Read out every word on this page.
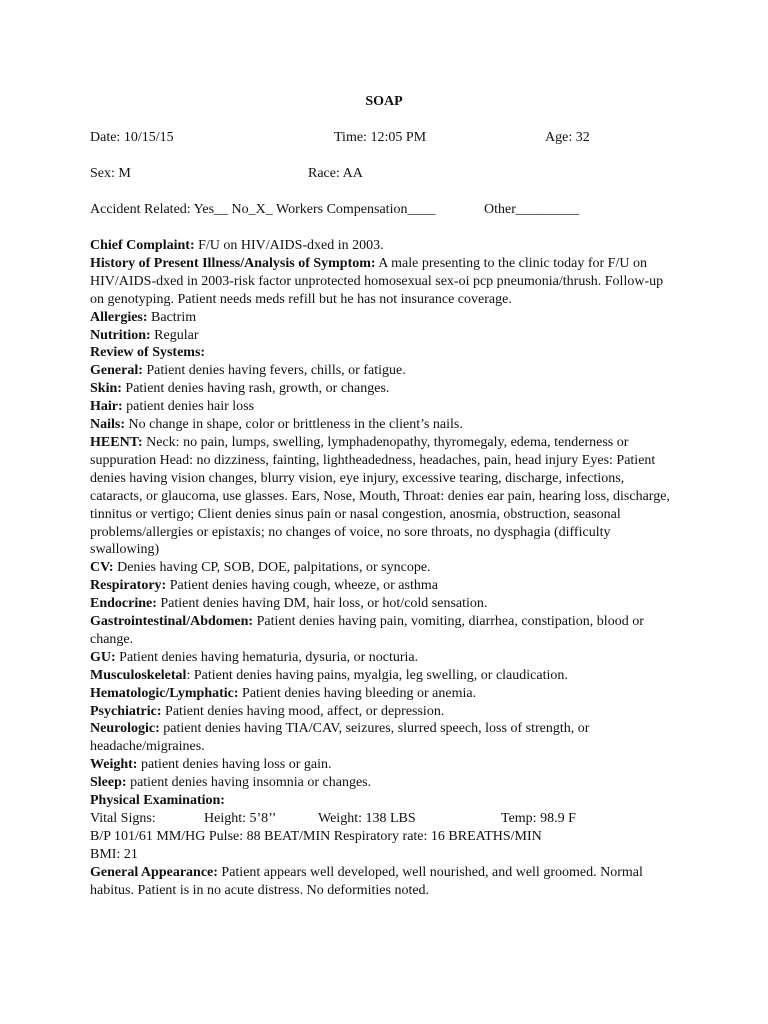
SOAP
Date: 10/15/15	Time: 12:05 PM	Age: 32
Sex: M	Race: AA
Accident Related: Yes__ No_X_ Workers Compensation____	Other_________

Chief Complaint: F/U on HIV/AIDS-dxed in 2003.

History of Present Illness/Analysis of Symptom: A male presenting to the clinic today for F/U on HIV/AIDS-dxed in 2003-risk factor unprotected homosexual sex-oi pcp pneumonia/thrush. Follow-up on genotyping. Patient needs meds refill but he has not insurance coverage.

Allergies: Bactrim

Nutrition: Regular

Review of Systems:

General: Patient denies having fevers, chills, or fatigue.

Skin: Patient denies having rash, growth, or changes.

Hair: patient denies hair loss

Nails: No change in shape, color or brittleness in the client’s nails.

HEENT: Neck: no pain, lumps, swelling, lymphadenopathy, thyromegaly, edema, tenderness or suppuration Head: no dizziness, fainting, lightheadedness, headaches, pain, head injury Eyes: Patient denies having vision changes, blurry vision, eye injury, excessive tearing, discharge, infections, cataracts, or glaucoma, use glasses. Ears, Nose, Mouth, Throat: denies ear pain, hearing loss, discharge, tinnitus or vertigo; Client denies sinus pain or nasal congestion, anosmia, obstruction, seasonal problems/allergies or epistaxis; no changes of voice, no sore throats, no dysphagia (difficulty swallowing)

CV: Denies having CP, SOB, DOE, palpitations, or syncope.

Respiratory: Patient denies having cough, wheeze, or asthma

Endocrine: Patient denies having DM, hair loss, or hot/cold sensation.

Gastrointestinal/Abdomen: Patient denies having pain, vomiting, diarrhea, constipation, blood or change.

GU: Patient denies having hematuria, dysuria, or nocturia.

Musculoskeletal: Patient denies having pains, myalgia, leg swelling, or claudication.

Hematologic/Lymphatic: Patient denies having bleeding or anemia.

Psychiatric: Patient denies having mood, affect, or depression.

Neurologic: patient denies having TIA/CAV, seizures, slurred speech, loss of strength, or headache/migraines.

Weight: patient denies having loss or gain.

Sleep: patient denies having insomnia or changes.

Physical Examination:

Vital Signs:	Height: 5’8’’	Weight: 138 LBS	Temp: 98.9 F

B/P 101/61 MM/HG Pulse: 88 BEAT/MIN Respiratory rate: 16 BREATHS/MIN

BMI: 21

General Appearance: Patient appears well developed, well nourished, and well groomed. Normal habitus. Patient is in no acute distress. No deformities noted.
